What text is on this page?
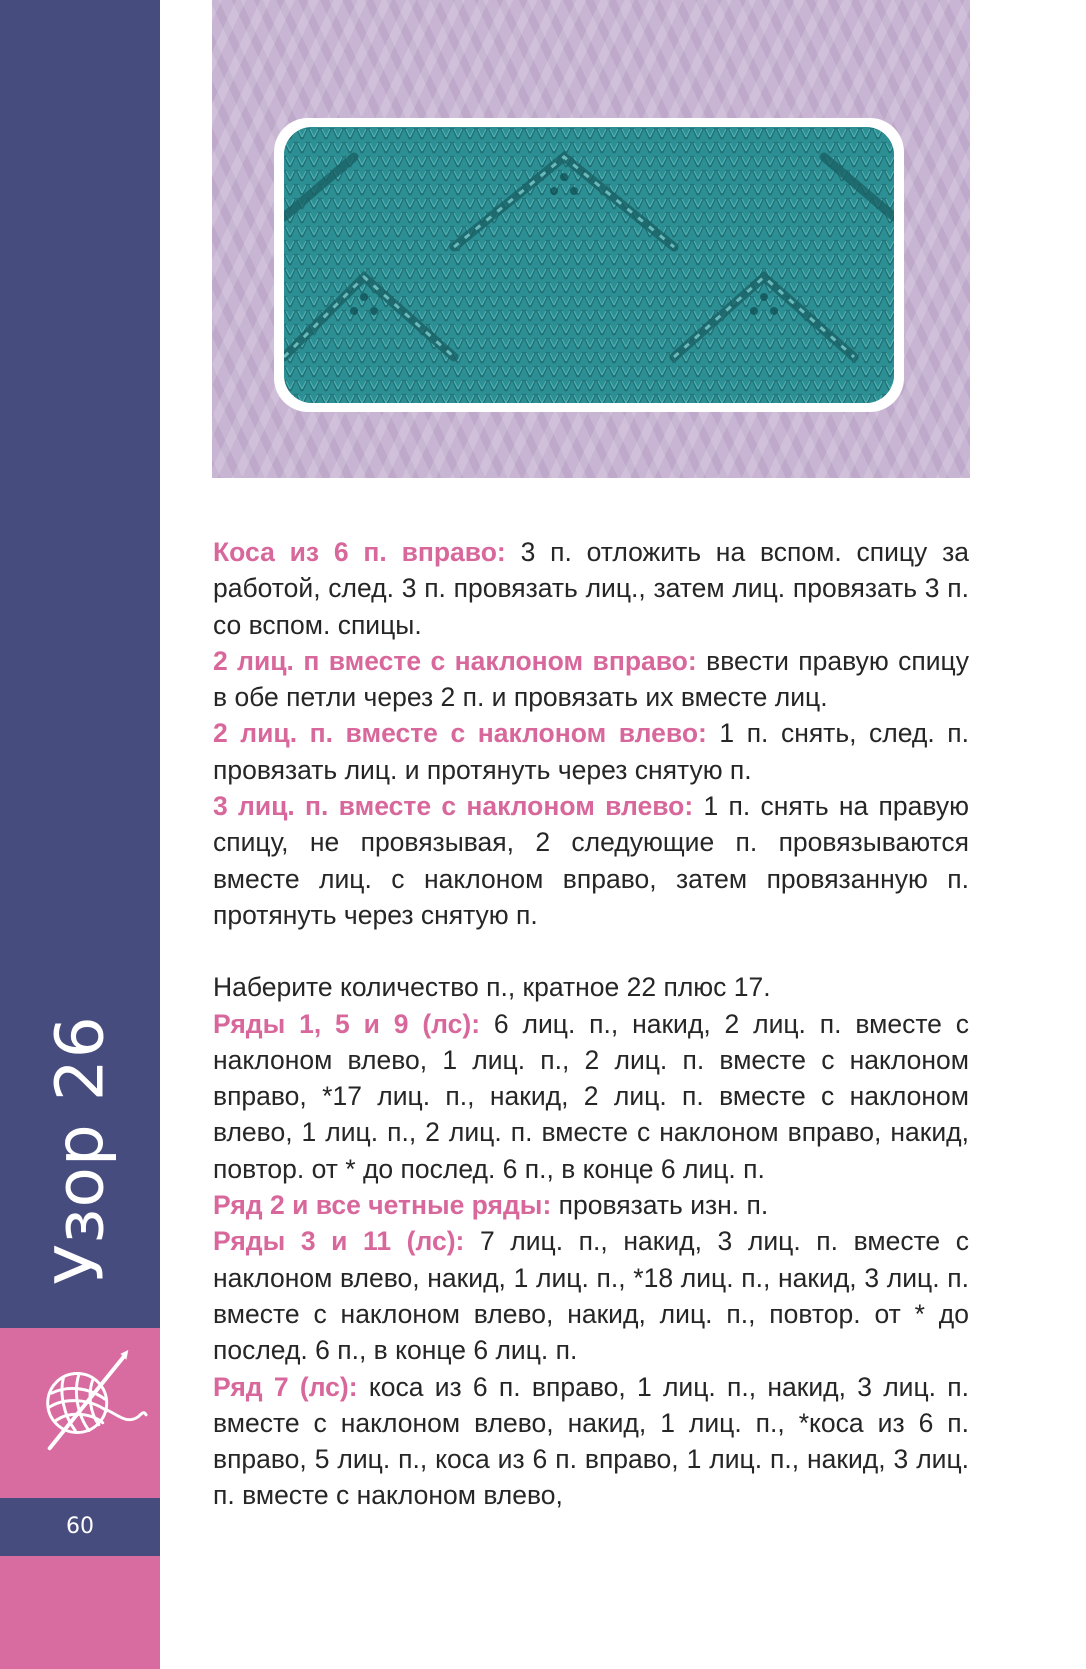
Узор 26
60

Коса из 6 п. вправо: 3 п. отложить на вспом. спицу за работой, след. 3 п. провязать лиц., затем лиц. провязать 3 п. со вспом. спицы.

2 лиц. п вместе с наклоном вправо: ввести правую спицу в обе петли через 2 п. и провязать их вместе лиц.

2 лиц. п. вместе с наклоном влево: 1 п. снять, след. п. провязать лиц. и протянуть через снятую п.

3 лиц. п. вместе с наклоном влево: 1 п. снять на правую спицу, не провязывая, 2 следующие п. провязываются вместе лиц. с наклоном вправо, затем провязанную п. протянуть через снятую п.

Наберите количество п., кратное 22 плюс 17.

Ряды 1, 5 и 9 (лс): 6 лиц. п., накид, 2 лиц. п. вместе с наклоном влево, 1 лиц. п., 2 лиц. п. вместе с наклоном вправо, *17 лиц. п., накид, 2 лиц. п. вместе с наклоном влево, 1 лиц. п., 2 лиц. п. вместе с наклоном вправо, накид, повтор. от * до послед. 6 п., в конце 6 лиц. п.

Ряд 2 и все четные ряды: провязать изн. п.

Ряды 3 и 11 (лс): 7 лиц. п., накид, 3 лиц. п. вместе с наклоном влево, накид, 1 лиц. п., *18 лиц. п., накид, 3 лиц. п. вместе с наклоном влево, накид, лиц. п., повтор. от * до послед. 6 п., в конце 6 лиц. п.

Ряд 7 (лс): коса из 6 п. вправо, 1 лиц. п., накид, 3 лиц. п. вместе с наклоном влево, накид, 1 лиц. п., *коса из 6 п. вправо, 5 лиц. п., коса из 6 п. вправо, 1 лиц. п., накид, 3 лиц. п. вместе с наклоном влево,
